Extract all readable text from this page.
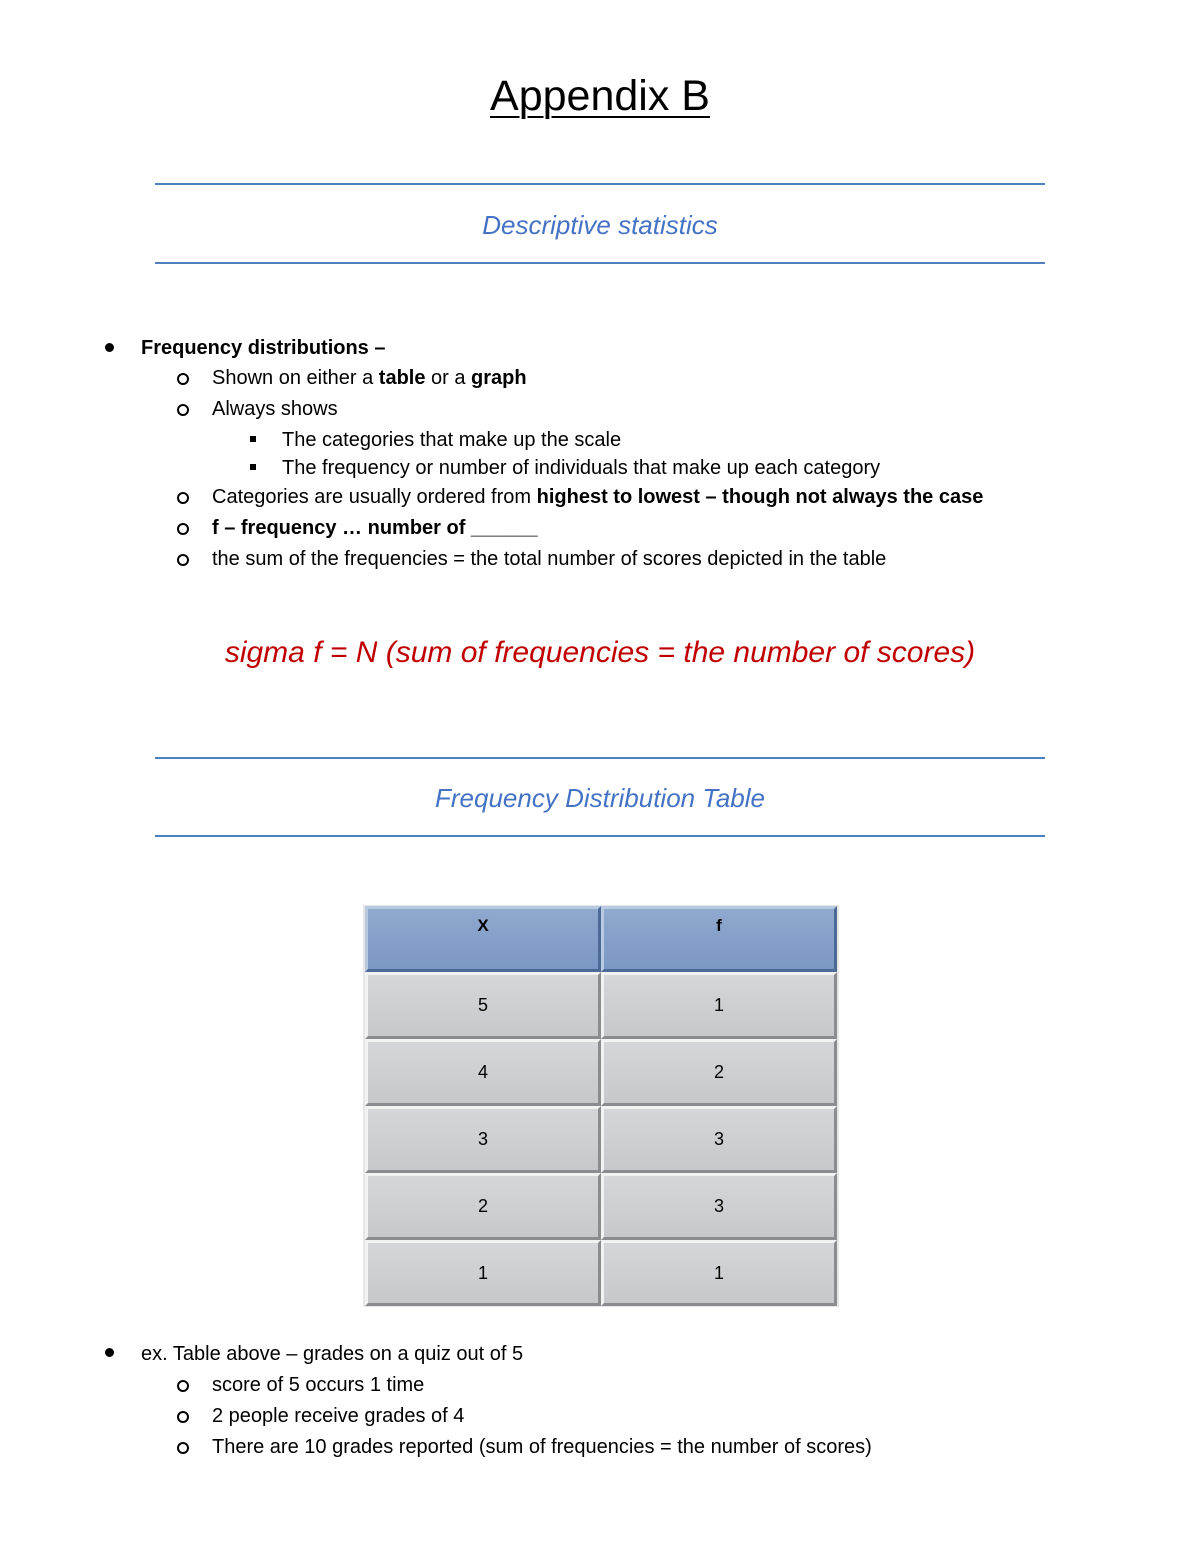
Appendix B
Descriptive statistics
Frequency distributions –
Shown on either a table or a graph
Always shows
The categories that make up the scale
The frequency or number of individuals that make up each category
Categories are usually ordered from highest to lowest – though not always the case
f – frequency … number of ______
the sum of the frequencies = the total number of scores depicted in the table
sigma f = N (sum of frequencies = the number of scores)
Frequency Distribution Table
X	f
5	1
4	2
3	3
2	3
1	1
ex. Table above – grades on a quiz out of 5
score of 5 occurs 1 time
2 people receive grades of 4
There are 10 grades reported (sum of frequencies = the number of scores)
